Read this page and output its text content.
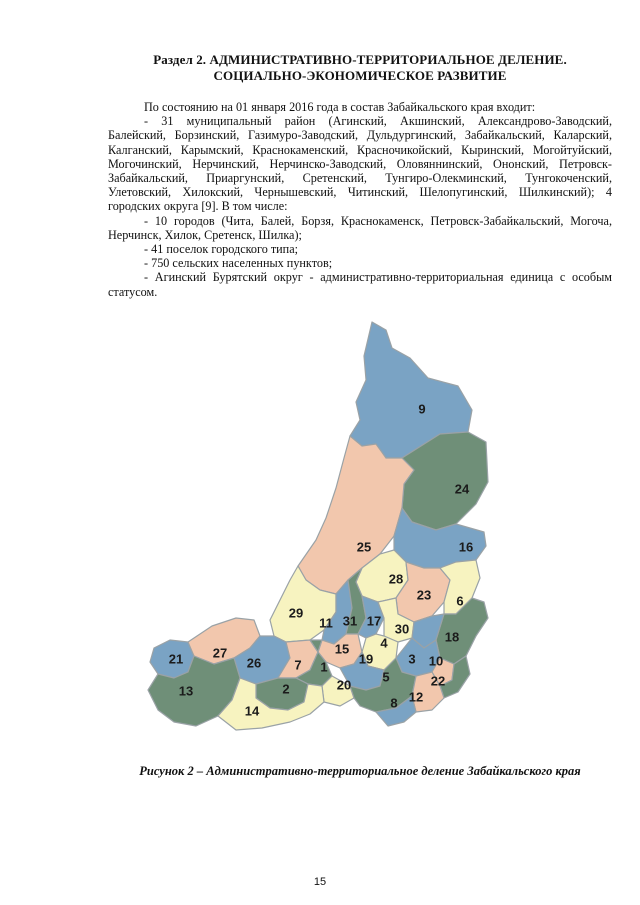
Раздел 2. АДМИНИСТРАТИВНО-ТЕРРИТОРИАЛЬНОЕ ДЕЛЕНИЕ.
СОЦИАЛЬНО-ЭКОНОМИЧЕСКОЕ РАЗВИТИЕ

По состоянию на 01 января 2016 года в состав Забайкальского края входит:

- 31 муниципальный район (Агинский, Акшинский, Александрово-Заводский, Балейский, Борзинский, Газимуро-Заводский, Дульдургинский, Забайкальский, Каларский, Калганский, Карымский, Краснокаменский, Красночикойский, Кыринский, Могойтуйский, Могочинский, Нерчинский, Нерчинско-Заводский, Оловяннинский, Ононский, Петровск-Забайкальский, Приаргунский, Сретенский, Тунгиро-Олекминский, Тунгокоченский, Улетовский, Хилокский, Чернышевский, Читинский, Шелопугинский, Шилкинский); 4 городских округа [9]. В том числе:

- 10 городов (Чита, Балей, Борзя, Краснокаменск, Петровск-Забайкальский, Могоча, Нерчинск, Хилок, Сретенск, Шилка);

- 41 поселок городского типа;

- 750 сельских населенных пунктов;

- Агинский Бурятский округ - административно-территориальная единица с особым статусом.

9
24
25	16
28
23 6
29
11 31 17
30
4	18
15
21 27
26	7 1
19	3 10
20
5	22
13	2
12
14
8
Рисунок 2 – Административно-территориальное деление Забайкальского края
15
